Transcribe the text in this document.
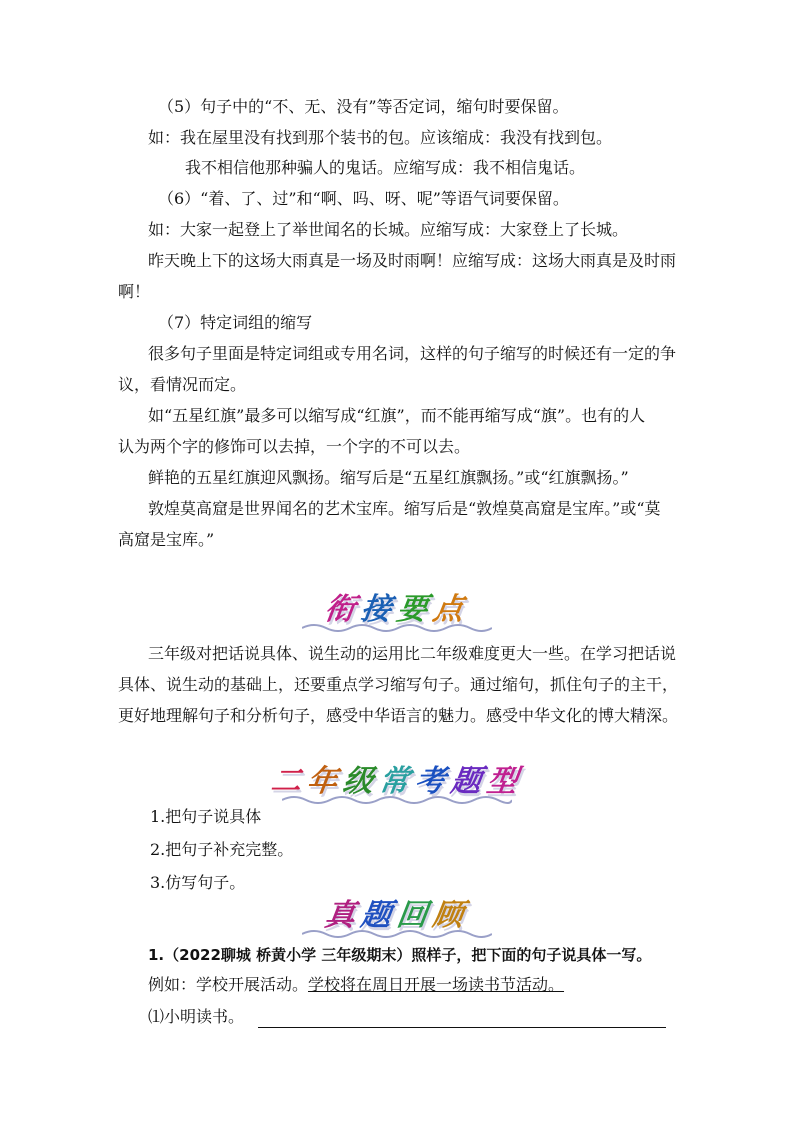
（5）句子中的“不、无、没有”等否定词，缩句时要保留。
如：我在屋里没有找到那个装书的包。应该缩成：我没有找到包。
我不相信他那种骗人的鬼话。应缩写成：我不相信鬼话。
（6）“着、了、过”和“啊、吗、呀、呢”等语气词要保留。
如：大家一起登上了举世闻名的长城。应缩写成：大家登上了长城。
昨天晚上下的这场大雨真是一场及时雨啊！应缩写成：这场大雨真是及时雨
啊！
（7）特定词组的缩写
很多句子里面是特定词组或专用名词，这样的句子缩写的时候还有一定的争
议，看情况而定。
如“五星红旗”最多可以缩写成“红旗”，而不能再缩写成“旗”。也有的人
认为两个字的修饰可以去掉，一个字的不可以去。
鲜艳的五星红旗迎风飘扬。缩写后是“五星红旗飘扬。”或“红旗飘扬。”
敦煌莫高窟是世界闻名的艺术宝库。缩写后是“敦煌莫高窟是宝库。”或“莫
高窟是宝库。”
衔接要点
三年级对把话说具体、说生动的运用比二年级难度更大一些。在学习把话说
具体、说生动的基础上，还要重点学习缩写句子。通过缩句，抓住句子的主干，
更好地理解句子和分析句子，感受中华语言的魅力。感受中华文化的博大精深。
二年级常考题型
1.把句子说具体
2.把句子补充完整。
3.仿写句子。
真题回顾
1.（2022聊城 桥黄小学 三年级期末）照样子，把下面的句子说具体一写。
例如：学校开展活动。学校将在周日开展一场读书节活动。
⑴小明读书。
